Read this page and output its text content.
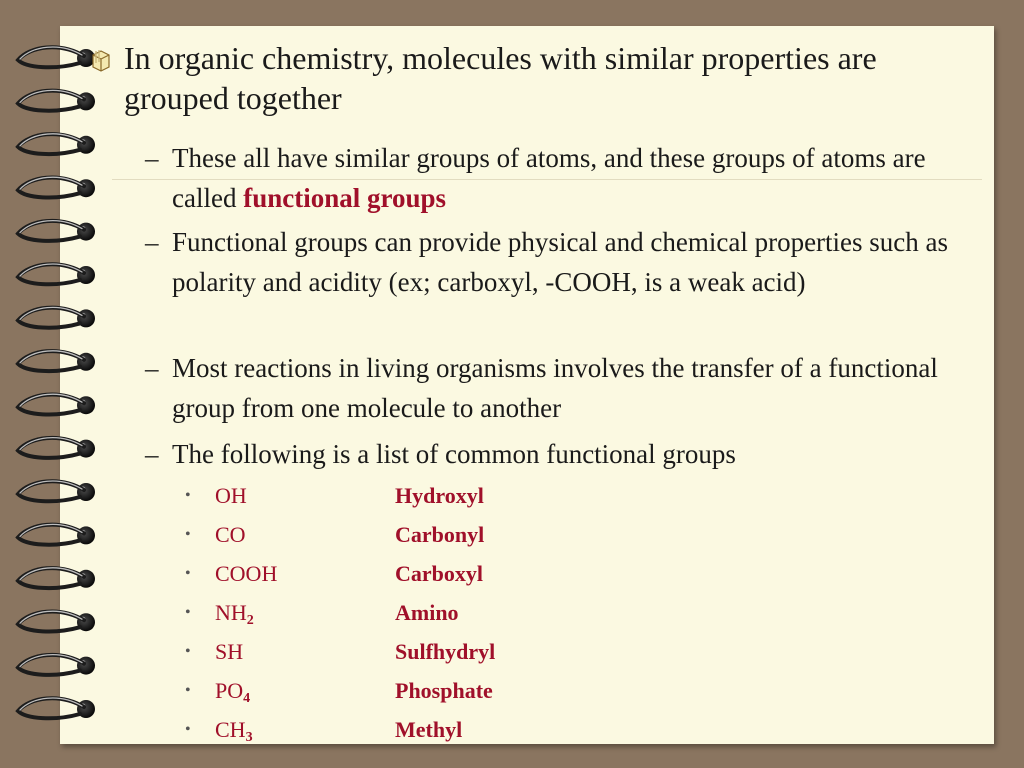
In organic chemistry, molecules with similar properties are grouped together
– These all have similar groups of atoms, and these groups of atoms are called functional groups
– Functional groups can provide physical and chemical properties such as polarity and acidity (ex; carboxyl, -COOH, is a weak acid)
– Most reactions in living organisms involves the transfer of a functional group from one molecule to another
– The following is a list of common functional groups
• OH	Hydroxyl
• CO	Carbonyl
• COOH	Carboxyl
• $NH_2$	Amino
• SH	Sulfhydryl
• $PO_4$	Phosphate
• $CH_3$	Methyl
